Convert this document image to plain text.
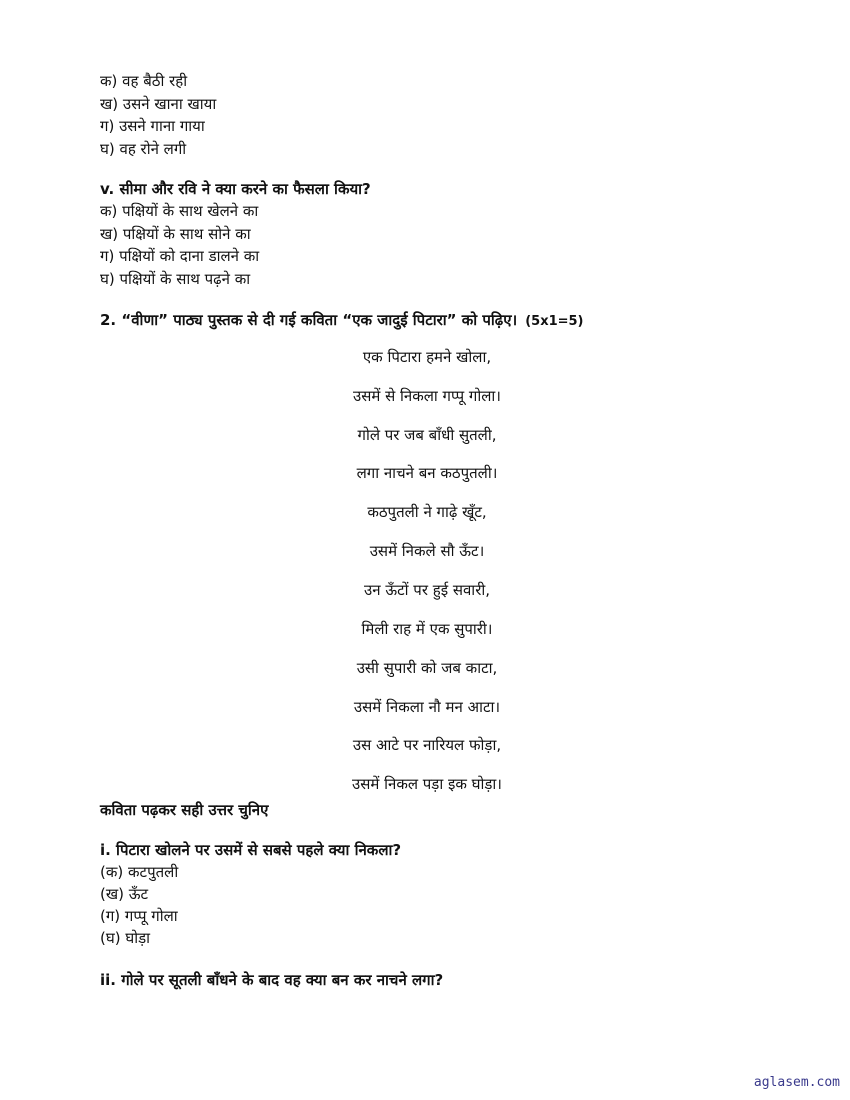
क) वह बैठी रही
ख) उसने खाना खाया
ग) उसने गाना गाया
घ) वह रोने लगी
v. सीमा और रवि ने क्या करने का फैसला किया?
क) पक्षियों के साथ खेलने का
ख) पक्षियों के साथ सोने का
ग) पक्षियों को दाना डालने का
घ) पक्षियों के साथ पढ़ने का
2. “वीणा” पाठ्य पुस्तक से दी गई कविता “एक जादुई पिटारा” को पढ़िए। (5x1=5)
एक पिटारा हमने खोला,
उसमें से निकला गप्पू गोला।
गोले पर जब बाँधी सुतली,
लगा नाचने बन कठपुतली।
कठपुतली ने गाढ़े खूँट,
उसमें निकले सौ ऊँट।
उन ऊँटों पर हुई सवारी,
मिली राह में एक सुपारी।
उसी सुपारी को जब काटा,
उसमें निकला नौ मन आटा।
उस आटे पर नारियल फोड़ा,
उसमें निकल पड़ा इक घोड़ा।
कविता पढ़कर सही उत्तर चुनिए
i. पिटारा खोलने पर उसमें से सबसे पहले क्या निकला?
(क) कटपुतली
(ख) ऊँट
(ग) गप्पू गोला
(घ) घोड़ा
ii. गोले पर सूतली बाँधने के बाद वह क्या बन कर नाचने लगा?
aglasem.com
